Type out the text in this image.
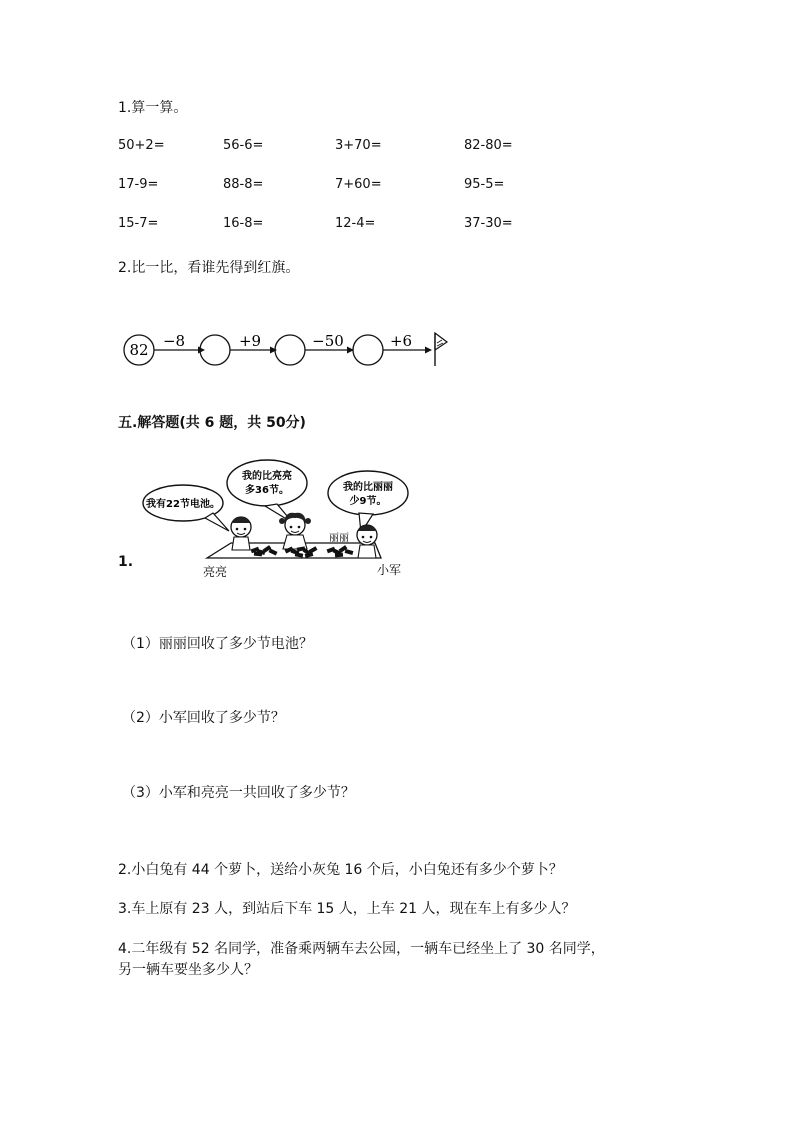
1.算一算。
50+2=	56-6=	3+70=	82-80=
17-9=	88-8=	7+60=	95-5=
15-7=	16-8=	12-4=	37-30=
2.比一比，看谁先得到红旗。
82 −8	+9	−50	+6
五.解答题(共 6 题，共 50分)
1.
我有22节电池。
我的比亮亮
多36节。	我的比丽丽
少9节。
亮亮
丽丽
小军
（1）丽丽回收了多少节电池？
（2）小军回收了多少节？
（3）小军和亮亮一共回收了多少节？
2.小白兔有 44 个萝卜，送给小灰兔 16 个后，小白兔还有多少个萝卜？
3.车上原有 23 人，到站后下车 15 人，上车 21 人，现在车上有多少人？
4.二年级有 52 名同学，准备乘两辆车去公园，一辆车已经坐上了 30 名同学，
另一辆车要坐多少人？
